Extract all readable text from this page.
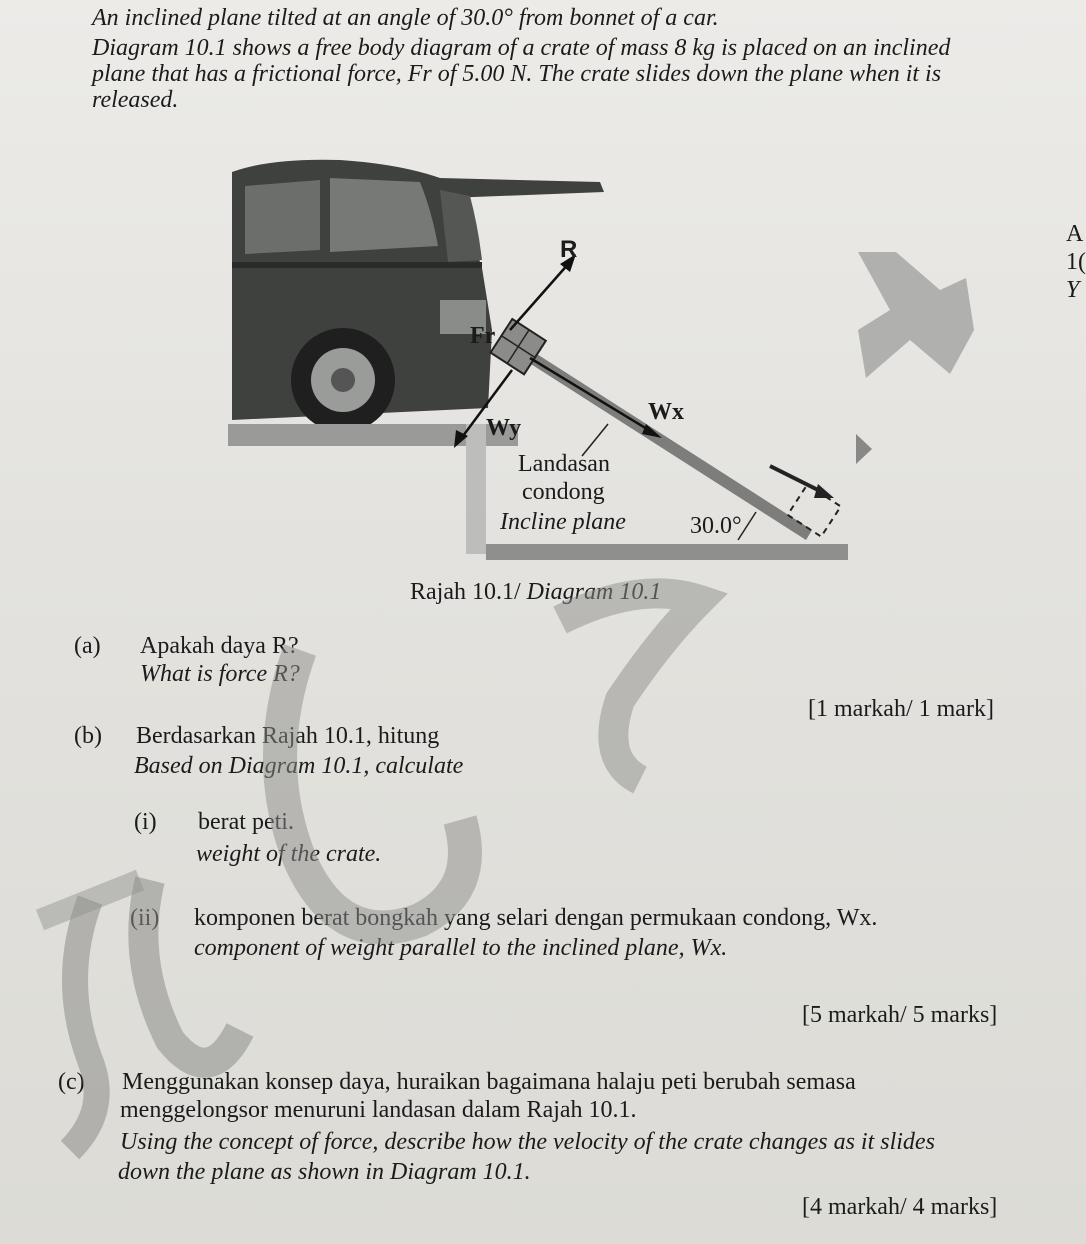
An inclined plane tilted at an angle of 30.0° from bonnet of a car.
Diagram 10.1 shows a free body diagram of a crate of mass 8 kg is placed on an inclined
plane that has a frictional force, Fr of 5.00 N. The crate slides down the plane when it is
released.
R
Fr
Wx
Wy
Landasan
condong
Incline plane	30.0°
Rajah 10.1/ Diagram 10.1
A
1(
Y
(a) Apakah daya R?
What is force R?
[1 markah/ 1 mark]
(b) Berdasarkan Rajah 10.1, hitung
Based on Diagram 10.1, calculate
(i) berat peti.
weight of the crate.
(ii) komponen berat bongkah yang selari dengan permukaan condong, Wx.
component of weight parallel to the inclined plane, Wx.
[5 markah/ 5 marks]
(c) Menggunakan konsep daya, huraikan bagaimana halaju peti berubah semasa
menggelongsor menuruni landasan dalam Rajah 10.1.
Using the concept of force, describe how the velocity of the crate changes as it slides
down the plane as shown in Diagram 10.1.
[4 markah/ 4 marks]
